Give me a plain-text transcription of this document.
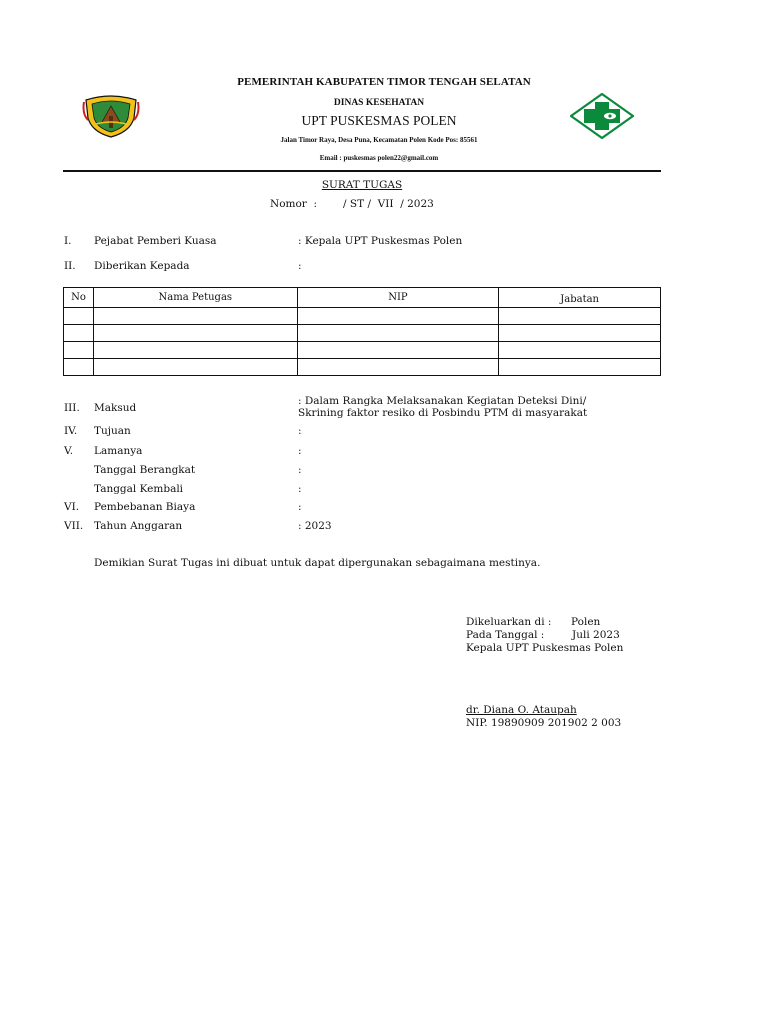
PEMERINTAH KABUPATEN TIMOR TENGAH SELATAN
DINAS KESEHATAN
UPT PUSKESMAS POLEN
Jalan Timor Raya, Desa Puna, Kecamatan Polen Kode Pos: 85561
Email : puskesmas polen22@gmail.com
SURAT TUGAS
Nomor  : / ST /  VII  / 2023
I. Pejabat Pemberi Kuasa	: Kepala UPT Puskesmas Polen
II. Diberikan Kepada	:
No	Nama Petugas	NIP	Jabatan

III. Maksud
: Dalam Rangka Melaksanakan Kegiatan Deteksi Dini/
Skrining faktor resiko di Posbindu PTM di masyarakat
IV. Tujuan	:
V. Lamanya	:
Tanggal Berangkat	:
Tanggal Kembali	:
VI. Pembebanan Biaya	:
VII. Tahun Anggaran	: 2023
Demikian Surat Tugas ini dibuat untuk dapat dipergunakan sebagaimana mestinya.
Dikeluarkan di : Polen
Pada Tanggal :	Juli 2023
Kepala UPT Puskesmas Polen
dr. Diana O. Ataupah
NIP. 19890909 201902 2 003
